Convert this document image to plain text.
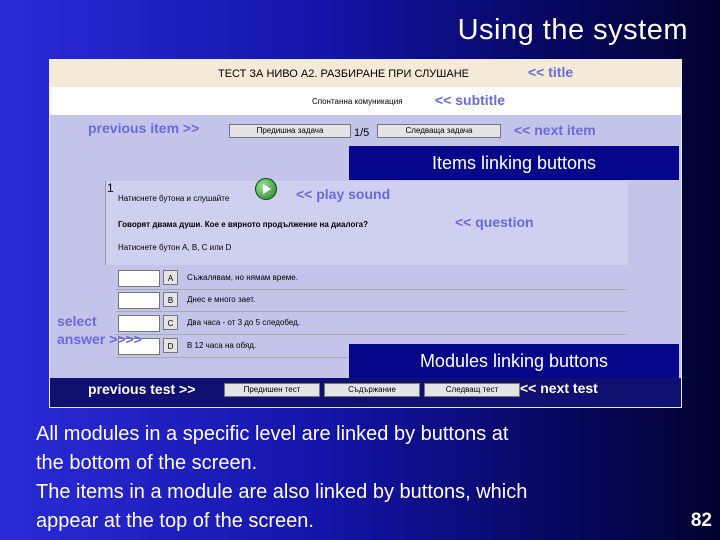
Using the system
ТЕСТ ЗА НИВО А2. РАЗБИРАНЕ ПРИ СЛУШАНЕ	<< title
Спонтанна комуникация << subtitle
previous item >>	Предишна задача	1/5	Следваща задача	<< next item
Items linking buttons
1
Натиснете бутона и слушайте	<< play sound
Говорят двама души. Кое е вярното продължение на диалога?	<< question
Натиснете бутон А, В, С или D
A	Съжалявам, но нямам време.
B	Днес е много зает.
C	Два часа - от 3 до 5 следобед.
D	В 12 часа на обяд.
select
answer >>>>
Modules linking buttons
previous test >>	Предишен тест	Съдържание	Следващ тест	<< next test
All modules in a specific level are linked by buttons at
the bottom of the screen.
The items in a module are also linked by buttons, which
appear at the top of the screen.	82
